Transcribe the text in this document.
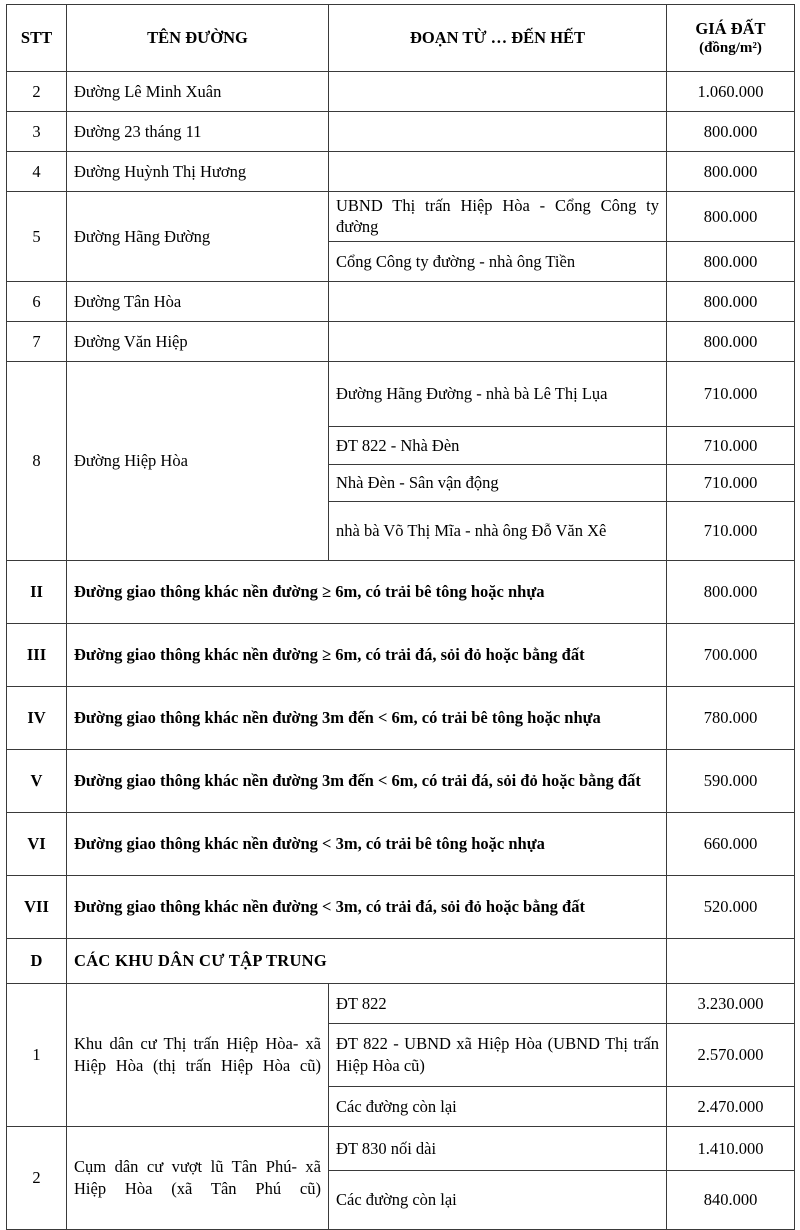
STT	TÊN ĐƯỜNG	ĐOẠN TỪ … ĐẾN HẾT	GIÁ ĐẤT
(đồng/m²)

2	Đường Lê Minh Xuân		1.060.000
3	Đường 23 tháng 11		800.000
4	Đường Huỳnh Thị Hương		800.000
5	Đường Hãng Đường	UBND Thị trấn Hiệp Hòa - Cổng Công ty đường	800.000
		Cổng Công ty đường - nhà ông Tiền	800.000
6	Đường Tân Hòa		800.000
7	Đường Văn Hiệp		800.000
8	Đường Hiệp Hòa	Đường Hãng Đường - nhà bà Lê Thị Lụa	710.000
		ĐT 822 - Nhà Đèn	710.000
		Nhà Đèn - Sân vận động	710.000
		nhà bà Võ Thị Mĩa - nhà ông Đỗ Văn Xê	710.000
II	Đường giao thông khác nền đường ≥ 6m, có trải bê tông hoặc nhựa		800.000
III	Đường giao thông khác nền đường ≥ 6m, có trải đá, sỏi đỏ hoặc bằng đất		700.000
IV	Đường giao thông khác nền đường 3m đến < 6m, có trải bê tông hoặc nhựa		780.000
V	Đường giao thông khác nền đường 3m đến < 6m, có trải đá, sỏi đỏ hoặc bằng đất		590.000
VI	Đường giao thông khác nền đường < 3m, có trải bê tông hoặc nhựa		660.000
VII	Đường giao thông khác nền đường < 3m, có trải đá, sỏi đỏ hoặc bằng đất		520.000
D	CÁC KHU DÂN CƯ TẬP TRUNG		
1	Khu dân cư Thị trấn Hiệp Hòa- xã Hiệp Hòa (thị trấn Hiệp Hòa cũ)	ĐT 822	3.230.000
		ĐT 822 - UBND xã Hiệp Hòa (UBND Thị trấn Hiệp Hòa cũ)	2.570.000
		Các đường còn lại	2.470.000
2	Cụm dân cư vượt lũ Tân Phú- xã Hiệp Hòa (xã Tân Phú cũ)	ĐT 830 nối dài	1.410.000
		Các đường còn lại	840.000
